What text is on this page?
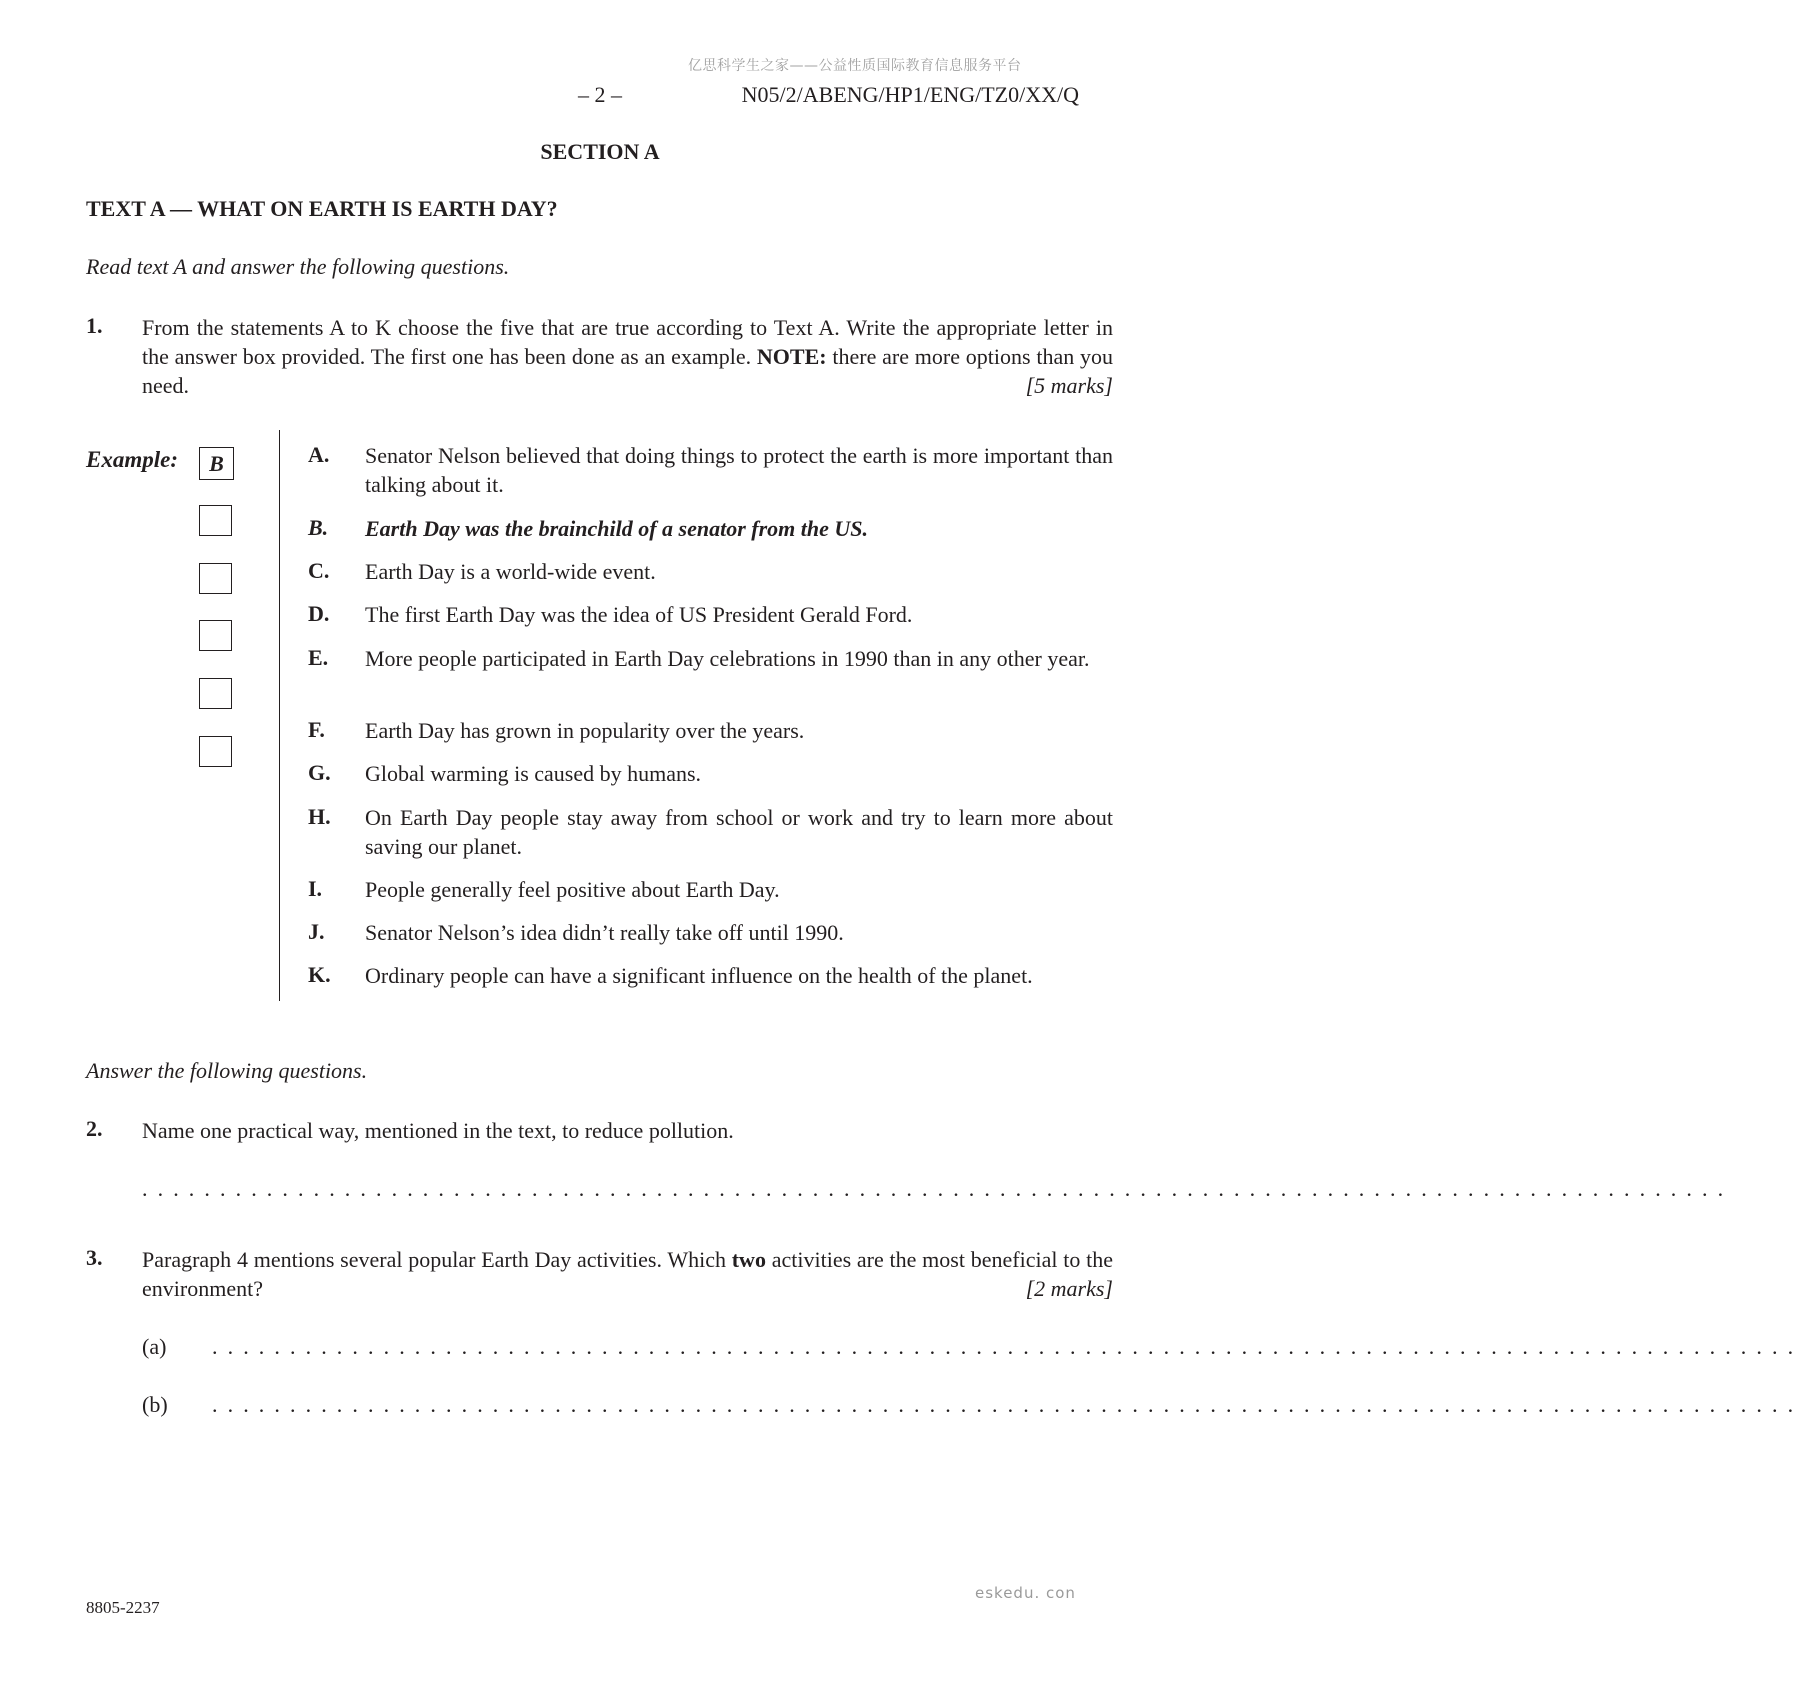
亿思科学生之家——公益性质国际教育信息服务平台
– 2 –	N05/2/ABENG/HP1/ENG/TZ0/XX/Q
SECTION A
TEXT A — WHAT ON EARTH IS EARTH DAY?
Read text A and answer the following questions.
1. From the statements A to K choose the five that are true according to Text A. Write the appropriate letter in the answer box provided. The first one has been done as an example. NOTE: there are more options than you need.	[5 marks]
Example:	B	A. Senator Nelson believed that doing things to protect the earth is more important than talking about it.
B. Earth Day was the brainchild of a senator from the US.
C. Earth Day is a world-wide event.
D. The first Earth Day was the idea of US President Gerald Ford.
E. More people participated in Earth Day celebrations in 1990 than in any other year.
F. Earth Day has grown in popularity over the years.
G. Global warming is caused by humans.
H. On Earth Day people stay away from school or work and try to learn more about saving our planet.
I. People generally feel positive about Earth Day.
J. Senator Nelson’s idea didn’t really take off until 1990.
K. Ordinary people can have a significant influence on the health of the planet.
Answer the following questions.
2. Name one practical way, mentioned in the text, to reduce pollution.
. . . . . . . . . . . . . . . . . . . . . . . . . . . . . . . . . . . . . . . . . . . . . . . . . . . . . . . . . . . . . . . . . . . . . . . . . . . . . . . . . . . . . . . . . . . . . . . . . . . . . .
3. Paragraph 4 mentions several popular Earth Day activities. Which two activities are the most beneficial to the environment?	[2 marks]
(a) . . . . . . . . . . . . . . . . . . . . . . . . . . . . . . . . . . . . . . . . . . . . . . . . . . . . . . . . . . . . . . . . . . . . . . . . . . . . . . . . . . . . . . . . . . . . . . . . . . . . . .
(b) . . . . . . . . . . . . . . . . . . . . . . . . . . . . . . . . . . . . . . . . . . . . . . . . . . . . . . . . . . . . . . . . . . . . . . . . . . . . . . . . . . . . . . . . . . . . . . . . . . . . . .
8805-2237
eskedu. con
